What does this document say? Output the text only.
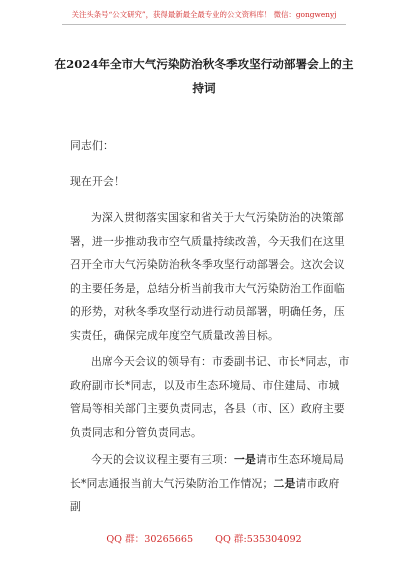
关注头条号“公文研究”，获得最新最全最专业的公文资料库！ 微信：gongwenyj
在2024年全市大气污染防治秋冬季攻坚行动部署会上的主持词
同志们：
现在开会！
为深入贯彻落实国家和省关于大气污染防治的决策部署，进一步推动我市空气质量持续改善，今天我们在这里召开全市大气污染防治秋冬季攻坚行动部署会。这次会议的主要任务是，总结分析当前我市大气污染防治工作面临的形势，对秋冬季攻坚行动进行动员部署，明确任务，压实责任，确保完成年度空气质量改善目标。
出席今天会议的领导有：市委副书记、市长*同志，市政府副市长*同志，以及市生态环境局、市住建局、市城管局等相关部门主要负责同志，各县（市、区）政府主要负责同志和分管负责同志。
今天的会议议程主要有三项：一是请市生态环境局局长*同志通报当前大气污染防治工作情况；二是请市政府副
QQ 群：30265665 QQ 群:535304092
